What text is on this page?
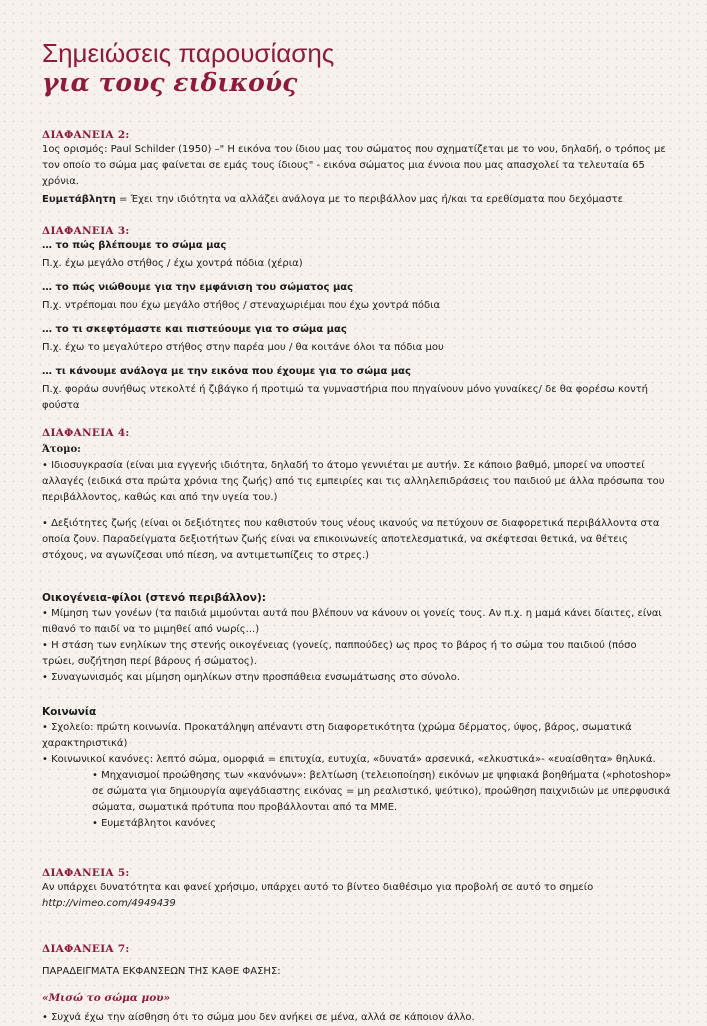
Σημειώσεις παρουσίασης
για τους ειδικούς
ΔΙΑΦΑΝΕΙΑ 2:

1ος ορισμός: Paul Schilder (1950) –" Η εικόνα του ίδιου μας του σώματος που σχηματίζεται με το νου, δηλαδή, ο τρόπος με τον οποίο το σώμα μας φαίνεται σε εμάς τους ίδιους" - εικόνα σώματος μια έννοια που μας απασχολεί τα τελευταία 65 χρόνια.

Ευμετάβλητη = Έχει την ιδιότητα να αλλάζει ανάλογα με το περιβάλλον μας ή/και τα ερεθίσματα που δεχόμαστε

ΔΙΑΦΑΝΕΙΑ 3:

… το πώς βλέπουμε το σώμα μας

Π.χ. έχω μεγάλο στήθος / έχω χοντρά πόδια (χέρια)

… το πώς νιώθουμε για την εμφάνιση του σώματος μας

Π.χ. ντρέπομαι που έχω μεγάλο στήθος / στεναχωριέμαι που έχω χοντρά πόδια

… το τι σκεφτόμαστε και πιστεύουμε για το σώμα μας

Π.χ. έχω το μεγαλύτερο στήθος στην παρέα μου / θα κοιτάνε όλοι τα πόδια μου

… τι κάνουμε ανάλογα με την εικόνα που έχουμε για το σώμα μας

Π.χ. φοράω συνήθως ντεκολτέ ή ζιβάγκο ή προτιμώ τα γυμναστήρια που πηγαίνουν μόνο γυναίκες/ δε θα φορέσω κοντή φούστα

ΔΙΑΦΑΝΕΙΑ 4:

Άτομο:

• Ιδιοσυγκρασία (είναι μια εγγενής ιδιότητα, δηλαδή το άτομο γεννιέται με αυτήν. Σε κάποιο βαθμό, μπορεί να υποστεί αλλαγές (ειδικά στα πρώτα χρόνια της ζωής) από τις εμπειρίες και τις αλληλεπιδράσεις του παιδιού με άλλα πρόσωπα του περιβάλλοντος, καθώς και από την υγεία του.)

• Δεξιότητες ζωής (είναι οι δεξιότητες που καθιστούν τους νέους ικανούς να πετύχουν σε διαφορετικά περιβάλλοντα στα οποία ζουν. Παραδείγματα δεξιοτήτων ζωής είναι να επικοινωνείς αποτελεσματικά, να σκέφτεσαι θετικά, να θέτεις στόχους, να αγωνίζεσαι υπό πίεση, να αντιμετωπίζεις το στρες.)

Οικογένεια-φίλοι (στενό περιβάλλον):

• Μίμηση των γονέων (τα παιδιά μιμούνται αυτά που βλέπουν να κάνουν οι γονείς τους. Αν π.χ. η μαμά κάνει δίαιτες, είναι πιθανό το παιδί να το μιμηθεί από νωρίς...)

• Η στάση των ενηλίκων της στενής οικογένειας (γονείς, παππούδες) ως προς το βάρος ή το σώμα του παιδιού (πόσο τρώει, συζήτηση περί βάρους ή σώματος).

• Συναγωνισμός και μίμηση ομηλίκων στην προσπάθεια ενσωμάτωσης στο σύνολο.

Κοινωνία

• Σχολείο: πρώτη κοινωνία. Προκατάληψη απέναντι στη διαφορετικότητα (χρώμα δέρματος, ύψος, βάρος, σωματικά χαρακτηριστικά)

• Κοινωνικοί κανόνες: λεπτό σώμα, ομορφιά = επιτυχία, ευτυχία, «δυνατά» αρσενικά, «ελκυστικά»- «ευαίσθητα» θηλυκά.

• Μηχανισμοί προώθησης των «κανόνων»: βελτίωση (τελειοποίηση) εικόνων με ψηφιακά βοηθήματα («photoshop» σε σώματα για δημιουργία αψεγάδιαστης εικόνας = μη ρεαλιστικό, ψεύτικο), προώθηση παιχνιδιών με υπερφυσικά σώματα, σωματικά πρότυπα που προβάλλονται από τα ΜΜΕ.

• Ευμετάβλητοι κανόνες

ΔΙΑΦΑΝΕΙΑ 5:

Αν υπάρχει δυνατότητα και φανεί χρήσιμο, υπάρχει αυτό το βίντεο διαθέσιμο για προβολή σε αυτό το σημείο

http://vimeo.com/4949439

ΔΙΑΦΑΝΕΙΑ 7:

ΠΑΡΑΔΕΙΓΜΑΤΑ ΕΚΦΑΝΣΕΩΝ ΤΗΣ ΚΑΘΕ ΦΑΣΗΣ:

«Μισώ το σώμα μου»

• Συχνά έχω την αίσθηση ότι το σώμα μου δεν ανήκει σε μένα, αλλά σε κάποιον άλλο.
